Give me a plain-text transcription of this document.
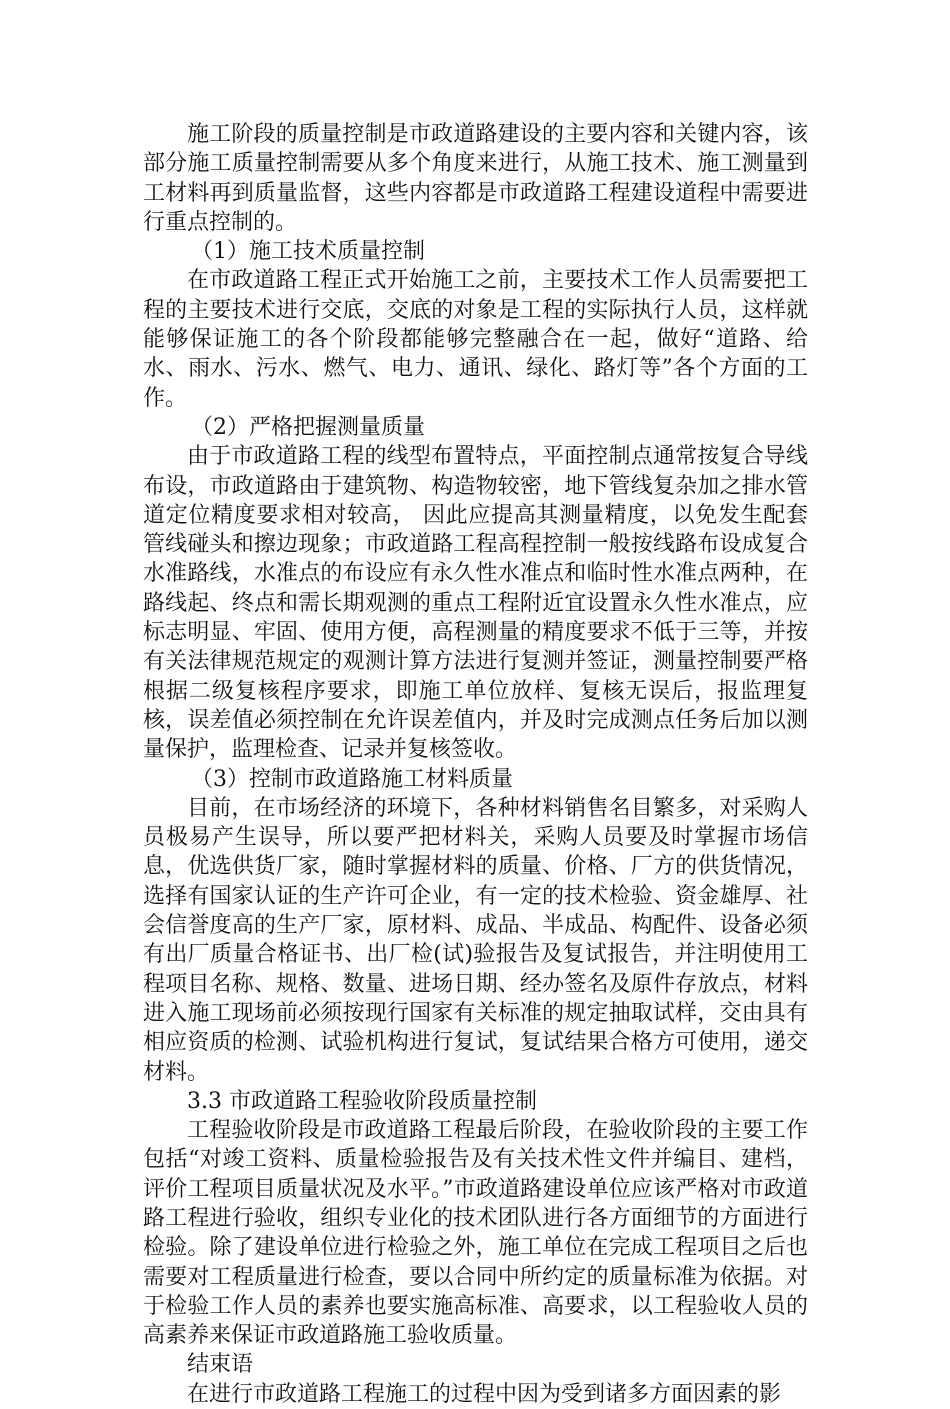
施工阶段的质量控制是市政道路建设的主要内容和关键内容，该部分施工质量控制需要从多个角度来进行，从施工技术、施工测量到工材料再到质量监督，这些内容都是市政道路工程建设道程中需要进行重点控制的。

（1）施工技术质量控制

在市政道路工程正式开始施工之前，主要技术工作人员需要把工程的主要技术进行交底，交底的对象是工程的实际执行人员，这样就能够保证施工的各个阶段都能够完整融合在一起，做好“道路、给水、雨水、污水、燃气、电力、通讯、绿化、路灯等”各个方面的工作。

（2）严格把握测量质量

由于市政道路工程的线型布置特点，平面控制点通常按复合导线布设，市政道路由于建筑物、构造物较密，地下管线复杂加之排水管道定位精度要求相对较高， 因此应提高其测量精度，以免发生配套管线碰头和擦边现象；市政道路工程高程控制一般按线路布设成复合水准路线，水准点的布设应有永久性水准点和临时性水准点两种，在路线起、终点和需长期观测的重点工程附近宜设置永久性水准点，应标志明显、牢固、使用方便，高程测量的精度要求不低于三等，并按有关法律规范规定的观测计算方法进行复测并签证，测量控制要严格根据二级复核程序要求，即施工单位放样、复核无误后，报监理复核，误差值必须控制在允许误差值内，并及时完成测点任务后加以测量保护，监理检查、记录并复核签收。

（3）控制市政道路施工材料质量

目前，在市场经济的环境下，各种材料销售名目繁多，对采购人员极易产生误导，所以要严把材料关，采购人员要及时掌握市场信息，优选供货厂家，随时掌握材料的质量、价格、厂方的供货情况，选择有国家认证的生产许可企业，有一定的技术检验、资金雄厚、社会信誉度高的生产厂家，原材料、成品、半成品、构配件、设备必须有出厂质量合格证书、出厂检(试)验报告及复试报告，并注明使用工程项目名称、规格、数量、进场日期、经办签名及原件存放点，材料进入施工现场前必须按现行国家有关标准的规定抽取试样，交由具有相应资质的检测、试验机构进行复试，复试结果合格方可使用，递交材料。

3.3 市政道路工程验收阶段质量控制

工程验收阶段是市政道路工程最后阶段，在验收阶段的主要工作包括“对竣工资料、质量检验报告及有关技术性文件并编目、建档，评价工程项目质量状况及水平。”市政道路建设单位应该严格对市政道路工程进行验收，组织专业化的技术团队进行各方面细节的方面进行检验。除了建设单位进行检验之外，施工单位在完成工程项目之后也需要对工程质量进行检查，要以合同中所约定的质量标准为依据。对于检验工作人员的素养也要实施高标准、高要求，以工程验收人员的高素养来保证市政道路施工验收质量。

结束语

在进行市政道路工程施工的过程中因为受到诸多方面因素的影
